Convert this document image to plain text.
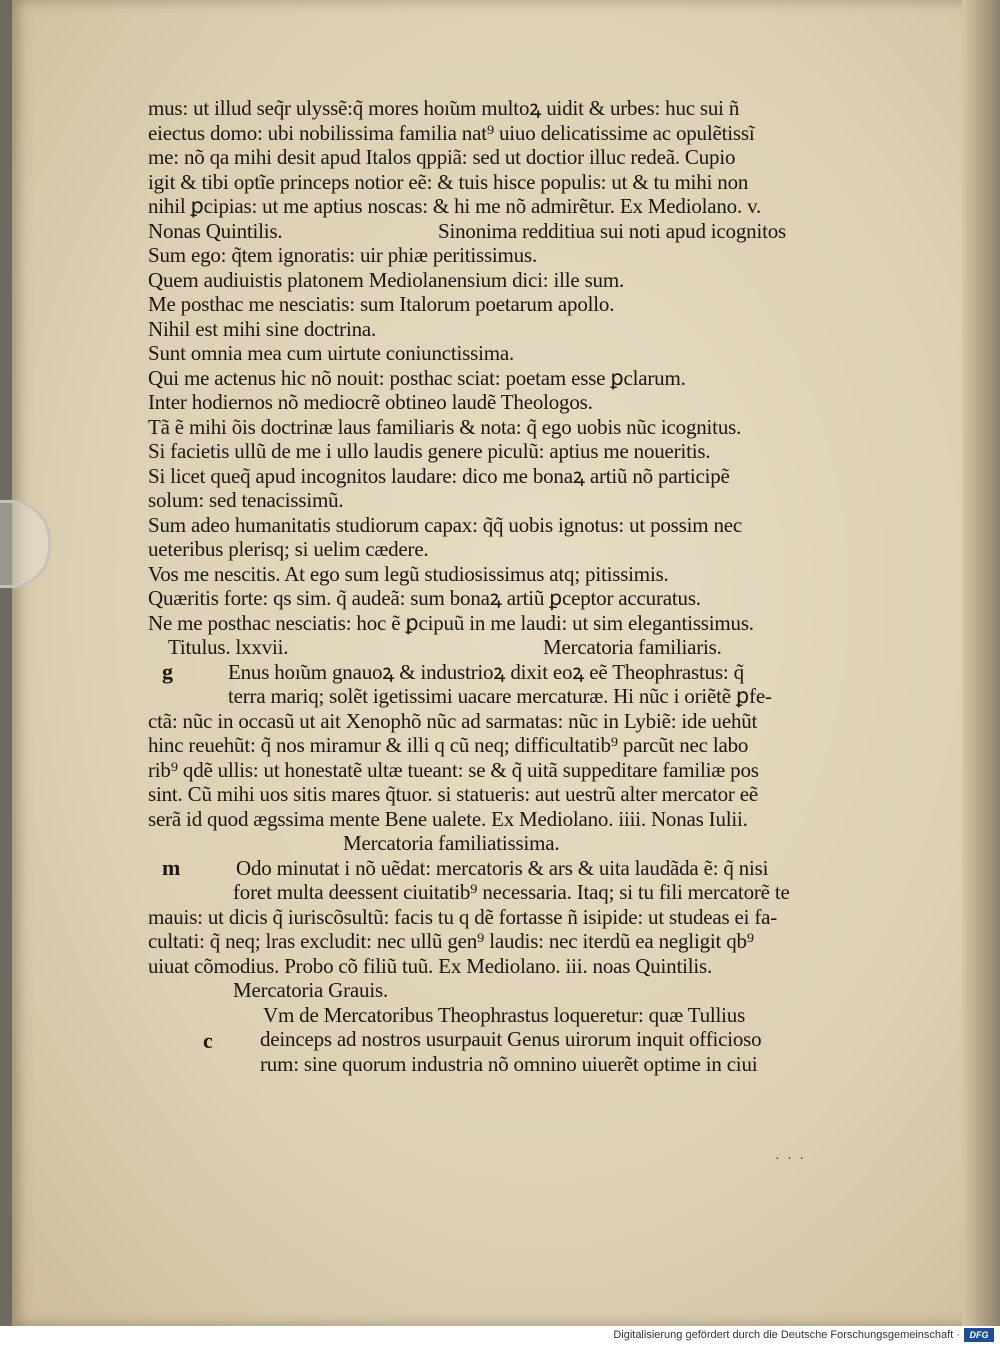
mus: ut illud seq̃r ulyssẽ:q̃ mores hoı̃um multoꝝ uidit & urbes: huc sui ñ
eiectus domo: ubi nobilissima familia nat⁹ uiuo delicatissime ac opulẽtissĩ
me: nõ qa mihi desit apud Italos qppiã: sed ut doctior illuc redeã. Cupio
igit & tibi optĩe princeps notior eẽ: & tuis hisce populis: ut & tu mihi non
nihil ꝑcipias: ut me aptius noscas: & hi me nõ admirẽtur. Ex Mediolano. v.
Nonas Quintilis.	Sinonima redditiua sui noti apud icognitos
Sum ego: q̃tem ignoratis: uir phiæ peritissimus.
Quem audiuistis platonem Mediolanensium dici: ille sum.
Me posthac me nesciatis: sum Italorum poetarum apollo.
Nihil est mihi sine doctrina.
Sunt omnia mea cum uirtute coniunctissima.
Qui me actenus hic nõ nouit: posthac sciat: poetam esse ꝑclarum.
Inter hodiernos nõ mediocrẽ obtineo laudẽ Theologos.
Tã ẽ mihi õis doctrinæ laus familiaris & nota: q̃ ego uobis nũc icognitus.
Si facietis ullũ de me i ullo laudis genere piculũ: aptius me noueritis.
Si licet queq̃ apud incognitos laudare: dico me bonaꝝ artiũ nõ participẽ
solum: sed tenacissimũ.
Sum adeo humanitatis studiorum capax: q̃q̃ uobis ignotus: ut possim nec
ueteribus plerisq; si uelim cædere.
Vos me nescitis. At ego sum legũ studiosissimus atq; pitissimis.
Quæritis forte: qs sim. q̃ audeã: sum bonaꝝ artiũ ꝑceptor accuratus.
Ne me posthac nesciatis: hoc ẽ ꝑcipuũ in me laudi: ut sim elegantissimus.
Titulus. lxxvii.	Mercatoria familiaris.
g	Enus hoı̃um gnauoꝝ & industrioꝝ dixit eoꝝ eẽ Theophrastus: q̃
terra mariq; solẽt igetissimi uacare mercaturæ. Hi nũc i oriẽtẽ ꝑfe-
ctã: nũc in occasũ ut ait Xenophõ nũc ad sarmatas: nũc in Lybiẽ: ide uehũt
hinc reuehũt: q̃ nos miramur & illi q cũ neq; difficultatib⁹ parcũt nec labo
rib⁹ qdẽ ullis: ut honestatẽ ultæ tueant: se & q̃ uitã suppeditare familiæ pos
sint. Cũ mihi uos sitis mares q̃tuor. si statueris: aut uestrũ alter mercator eẽ
serã id quod ægssima mente Bene ualete. Ex Mediolano. iiii. Nonas Iulii.
Mercatoria familiatissima.
m	Odo minutat i nõ uẽdat: mercatoris & ars & uita laudãda ẽ: q̃ nisi
foret multa deessent ciuitatib⁹ necessaria. Itaq; si tu fili mercatorẽ te
mauis: ut dicis q̃ iuriscõsultũ: facis tu q dẽ fortasse ñ isipide: ut studeas ei fa-
cultati: q̃ neq; lras excludit: nec ullũ gen⁹ laudis: nec iterdũ ea negligit qb⁹
uiuat cõmodius. Probo cõ filiũ tuũ. Ex Mediolano. iii. noas Quintilis.
Mercatoria Grauis.
c
Vm de Mercatoribus Theophrastus loqueretur: quæ Tullius
deinceps ad nostros usurpauit Genus uirorum inquit officioso
rum: sine quorum industria nõ omnino uiuerẽt optime in ciui
· · ·
Digitalisierung gefördert durch die Deutsche Forschungsgemeinschaft ·	DFG
